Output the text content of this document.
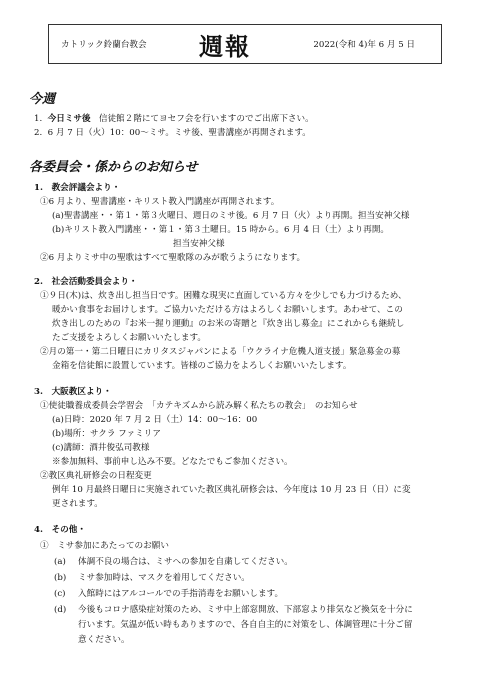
カトリック鈴蘭台教会 週報	2022(令和 4)年 6 月 5 日
今週
1. 今日ミサ後 信徒館２階にてヨセフ会を行いますのでご出席下さい。
2. 6 月 7 日（火）10：00～ミサ。ミサ後、聖書講座が再開されます。
各委員会・係からのお知らせ
1.　教会評議会より・
①6 月より、聖書講座・キリスト教入門講座が再開されます。
(a)聖書講座・・第１・第３火曜日、週日のミサ後。6 月 7 日（火）より再開。担当安神父様
(b)キリスト教入門講座・・第１・第３土曜日。15 時から。6 月 4 日（土）より再開。
担当安神父様
②6 月よりミサ中の聖歌はすべて聖歌隊のみが歌うようになります。
2.　社会活動委員会より・
①９日(木)は、炊き出し担当日です。困難な現実に直面している方々を少しでも力づけるため、
暖かい食事をお届けします。ご協力いただける方はよろしくお願いします。あわせて、この
炊き出しのための『お米一握り運動』のお米の寄贈と『炊き出し募金』にこれからも継続し
たご支援をよろしくお願いいたします。
②月の第一・第二日曜日にカリタスジャパンによる「ウクライナ危機人道支援」緊急募金の募
金箱を信徒館に設置しています。皆様のご協力をよろしくお願いいたします。
3.　大阪教区より・
①使徒職養成委員会学習会　「カテキズムから読み解く私たちの教会」　のお知らせ
(a)日時：2020 年 7 月 2 日（土）14：00～16：00
(b)場所：サクラ ファミリア
(c)講師：酒井俊弘司教様
※参加無料、事前申し込み不要。どなたでもご参加ください。
②教区典礼研修会の日程変更
例年 10 月最終日曜日に実施されていた教区典礼研修会は、今年度は 10 月 23 日（日）に変
更されます。
4.　その他・
①　ミサ参加にあたってのお願い
(a) 体調不良の場合は、ミサへの参加を自粛してください。
(b) ミサ参加時は、マスクを着用してください。
(c) 入館時にはアルコールでの手指消毒をお願いします。
(d) 今後もコロナ感染症対策のため、ミサ中上部窓開放、下部窓より排気など換気を十分に
行います。気温が低い時もありますので、各自自主的に対策をし、体調管理に十分ご留
意ください。
